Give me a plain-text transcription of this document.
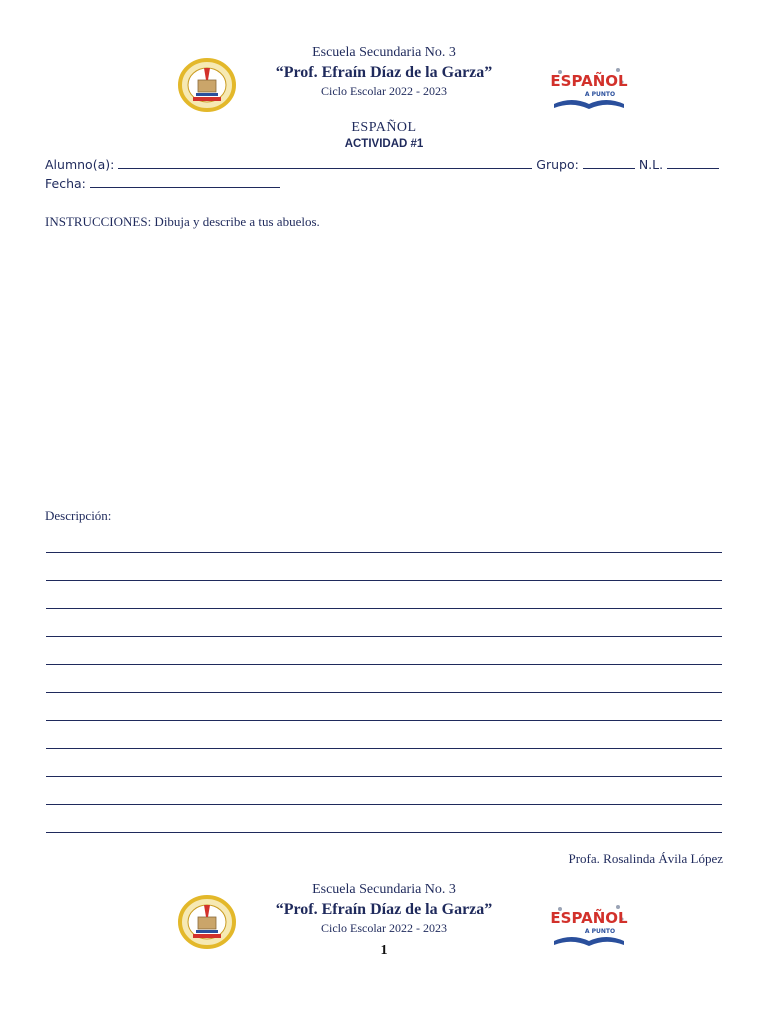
Escuela Secundaria No. 3
“Prof. Efraín Díaz de la Garza”
Ciclo Escolar 2022 - 2023
ESPAÑOL
A PUNTO
ESPAÑOL
ACTIVIDAD #1
Alumno(a):	Grupo:	N.L.
Fecha:
INSTRUCCIONES: Dibuja y describe a tus abuelos.
Descripción:
Profa. Rosalinda Ávila López
Escuela Secundaria No. 3
“Prof. Efraín Díaz de la Garza”
Ciclo Escolar 2022 - 2023
ESPAÑOL
A PUNTO
1
